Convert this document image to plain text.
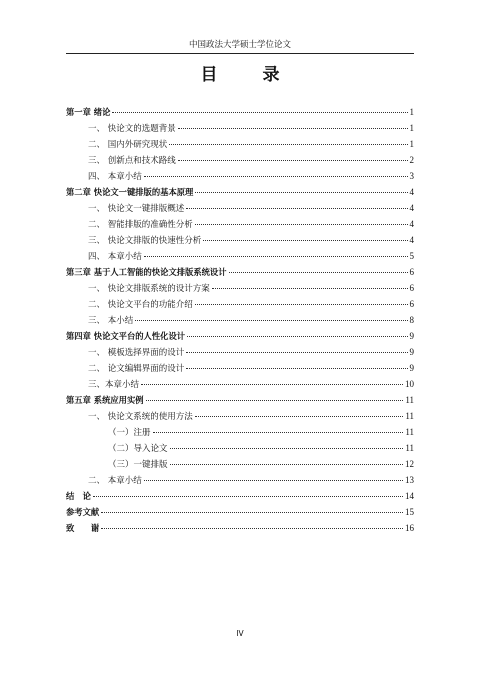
中国政法大学硕士学位论文
目　录
第一章 绪论	1
一、 快论文的选题背景	1
二、 国内外研究现状	1
三、 创新点和技术路线	2
四、 本章小结	3
第二章 快论文一键排版的基本原理	4
一、 快论文一键排版概述	4
二、 智能排版的准确性分析	4
三、 快论文排版的快速性分析	4
四、 本章小结	5
第三章 基于人工智能的快论文排版系统设计	6
一、 快论文排版系统的设计方案	6
二、 快论文平台的功能介绍	6
三、 本小结	8
第四章 快论文平台的人性化设计	9
一、 模板选择界面的设计	9
二、 论文编辑界面的设计	9
三、本章小结	10
第五章 系统应用实例	11
一、 快论文系统的使用方法	11
（一）注册	11
（二）导入论文	11
（三）一键排版	12
二、 本章小结	13
结　论	14
参考文献	15
致　　谢	16
IV
